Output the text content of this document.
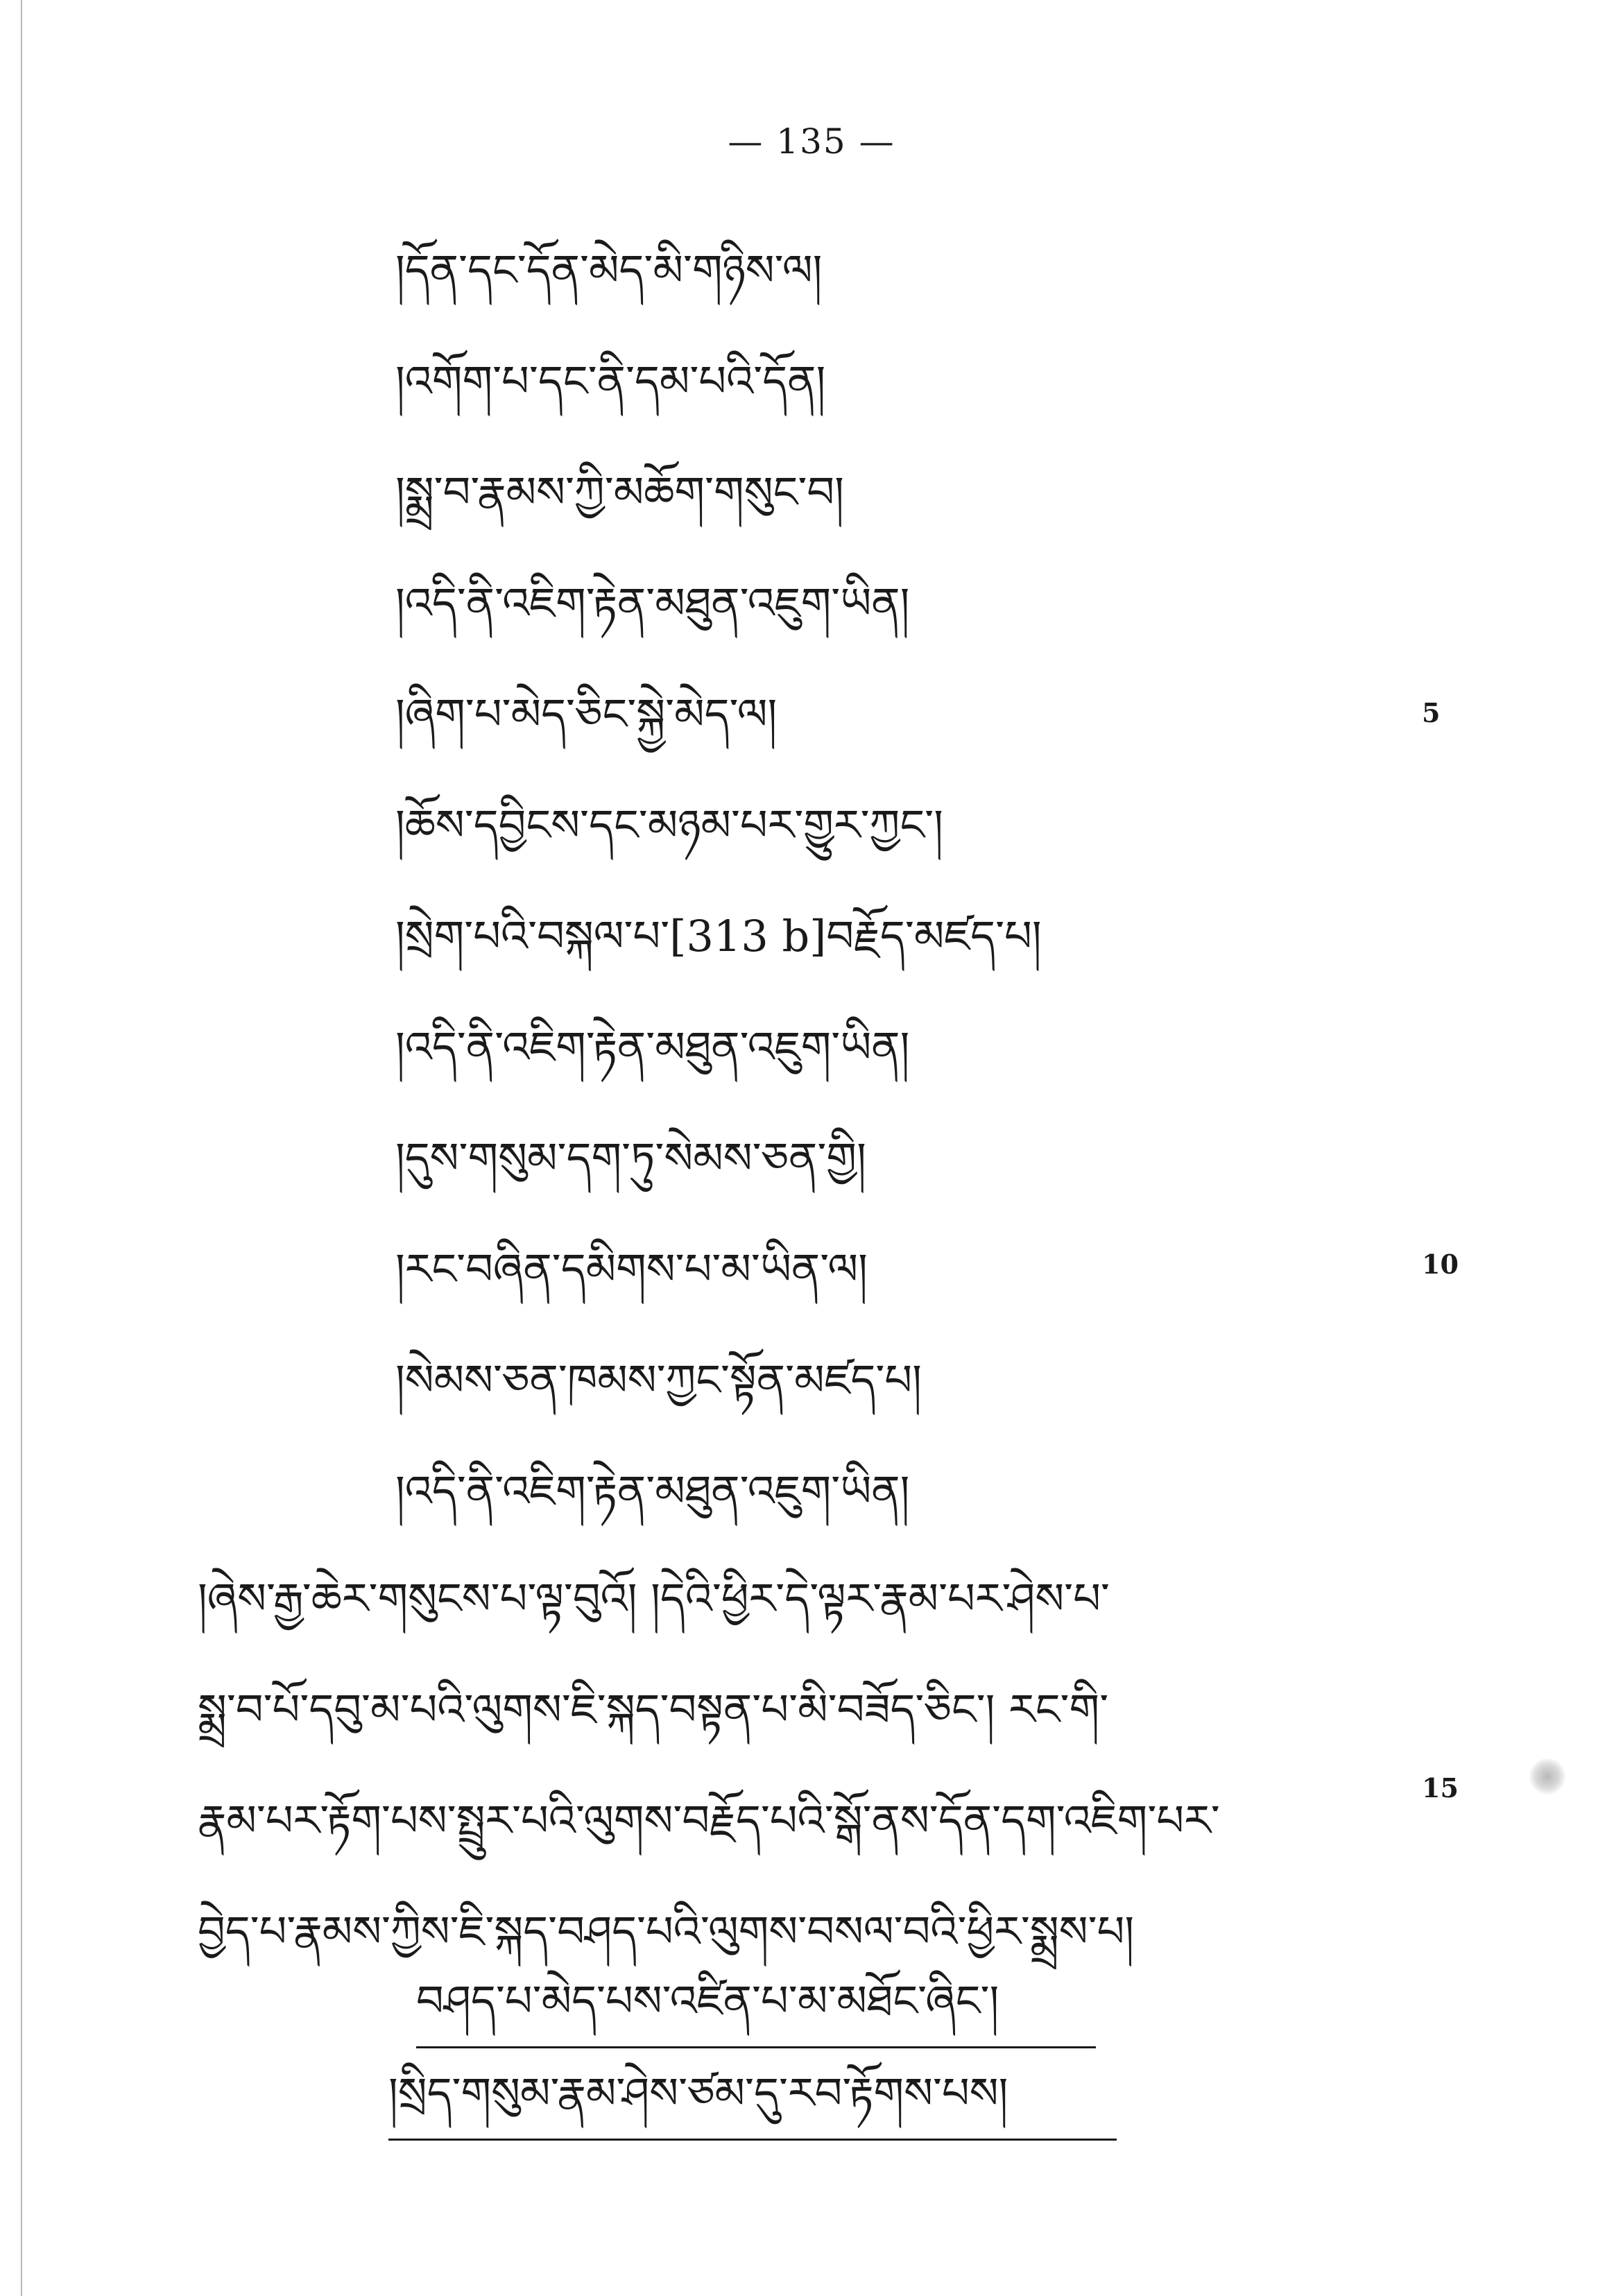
— 135 —
།དོན་དང་དོན་མེད་མི་གཉིས་ལ།
།འགོག་པ་དང་ནི་དམ་པའི་དོན།
།སྨྲ་བ་རྣམས་ཀྱི་མཆོག་གསུང་བ།
།འདི་ནི་འཇིག་རྟེན་མཐུན་འཇུག་ཡིན།
།ཞིག་པ་མེད་ཅིང་སྐྱེ་མེད་ལ།
།ཆོས་དབྱིངས་དང་མཉམ་པར་གྱུར་ཀྱང་།
།སྲེག་པའི་བསྐལ་པ་[313 b]བརྗོད་མཛད་པ།
།འདི་ནི་འཇིག་རྟེན་མཐུན་འཇུག་ཡིན།
།དུས་གསུམ་དག་ཏུ་སེམས་ཅན་གྱི།
།རང་བཞིན་དམིགས་པ་མ་ཡིན་ལ།
།སེམས་ཅན་ཁམས་ཀྱང་སྟོན་མཛད་པ།
།འདི་ནི་འཇིག་རྟེན་མཐུན་འཇུག་ཡིན།
5
10
15
།ཞེས་རྒྱ་ཆེར་གསུངས་པ་ལྟ་བུའོ། །དེའི་ཕྱིར་དེ་ལྟར་རྣམ་པར་ཤེས་པ་
སྨྲ་བ་པོ་དབུ་མ་པའི་ལུགས་ཇི་སྐད་བསྟན་པ་མི་བཟོད་ཅིང་། རང་གི་
རྣམ་པར་རྟོག་པས་སྤྲུར་པའི་ལུགས་བརྗོད་པའི་སྒོ་ནས་དོན་དག་འཇིག་པར་
བྱེད་པ་རྣམས་ཀྱིས་ཇི་སྐད་བཤད་པའི་ལུགས་བསལ་བའི་ཕྱིར་སྨྲས་པ།
བཤད་པ་མེད་པས་འཛིན་པ་མ་མཐོང་ཞིང་།
།སྲིད་གསུམ་རྣམ་ཤེས་ཙམ་དུ་རབ་རྟོགས་པས།
